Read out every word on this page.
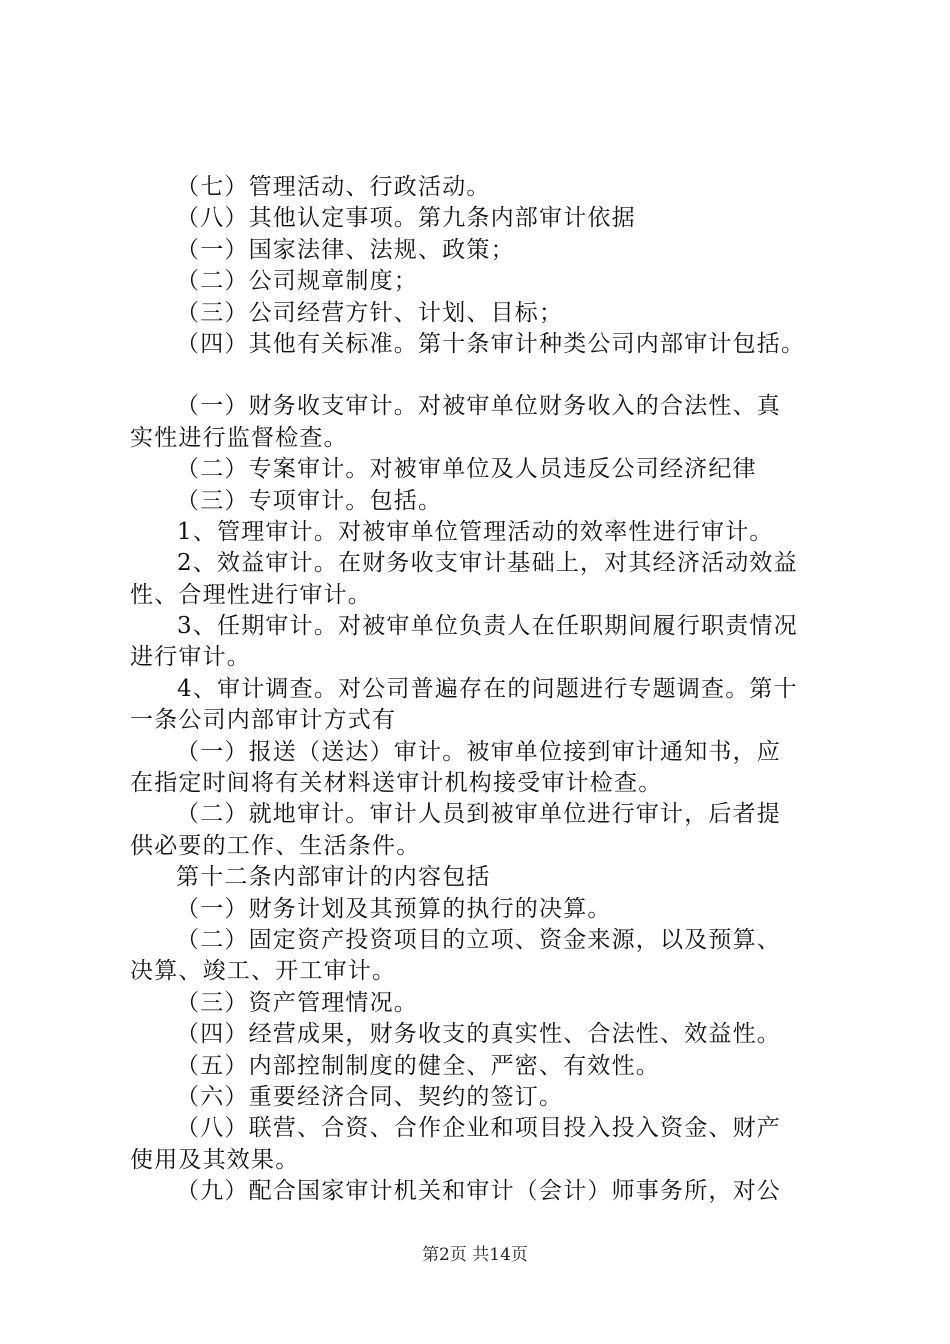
（七）管理活动、行政活动。
（八）其他认定事项。第九条内部审计依据
（一）国家法律、法规、政策；
（二）公司规章制度；
（三）公司经营方针、计划、目标；
（四）其他有关标准。第十条审计种类公司内部审计包括。
（一）财务收支审计。对被审单位财务收入的合法性、真
实性进行监督检查。
（二）专案审计。对被审单位及人员违反公司经济纪律
（三）专项审计。包括。
1、管理审计。对被审单位管理活动的效率性进行审计。
2、效益审计。在财务收支审计基础上，对其经济活动效益
性、合理性进行审计。
3、任期审计。对被审单位负责人在任职期间履行职责情况
进行审计。
4、审计调查。对公司普遍存在的问题进行专题调查。第十
一条公司内部审计方式有
（一）报送（送达）审计。被审单位接到审计通知书，应
在指定时间将有关材料送审计机构接受审计检查。
（二）就地审计。审计人员到被审单位进行审计，后者提
供必要的工作、生活条件。
第十二条内部审计的内容包括
（一）财务计划及其预算的执行的决算。
（二）固定资产投资项目的立项、资金来源，以及预算、
决算、竣工、开工审计。
（三）资产管理情况。
（四）经营成果，财务收支的真实性、合法性、效益性。
（五）内部控制制度的健全、严密、有效性。
（六）重要经济合同、契约的签订。
（八）联营、合资、合作企业和项目投入投入资金、财产
使用及其效果。
（九）配合国家审计机关和审计（会计）师事务所，对公
第2页 共14页
